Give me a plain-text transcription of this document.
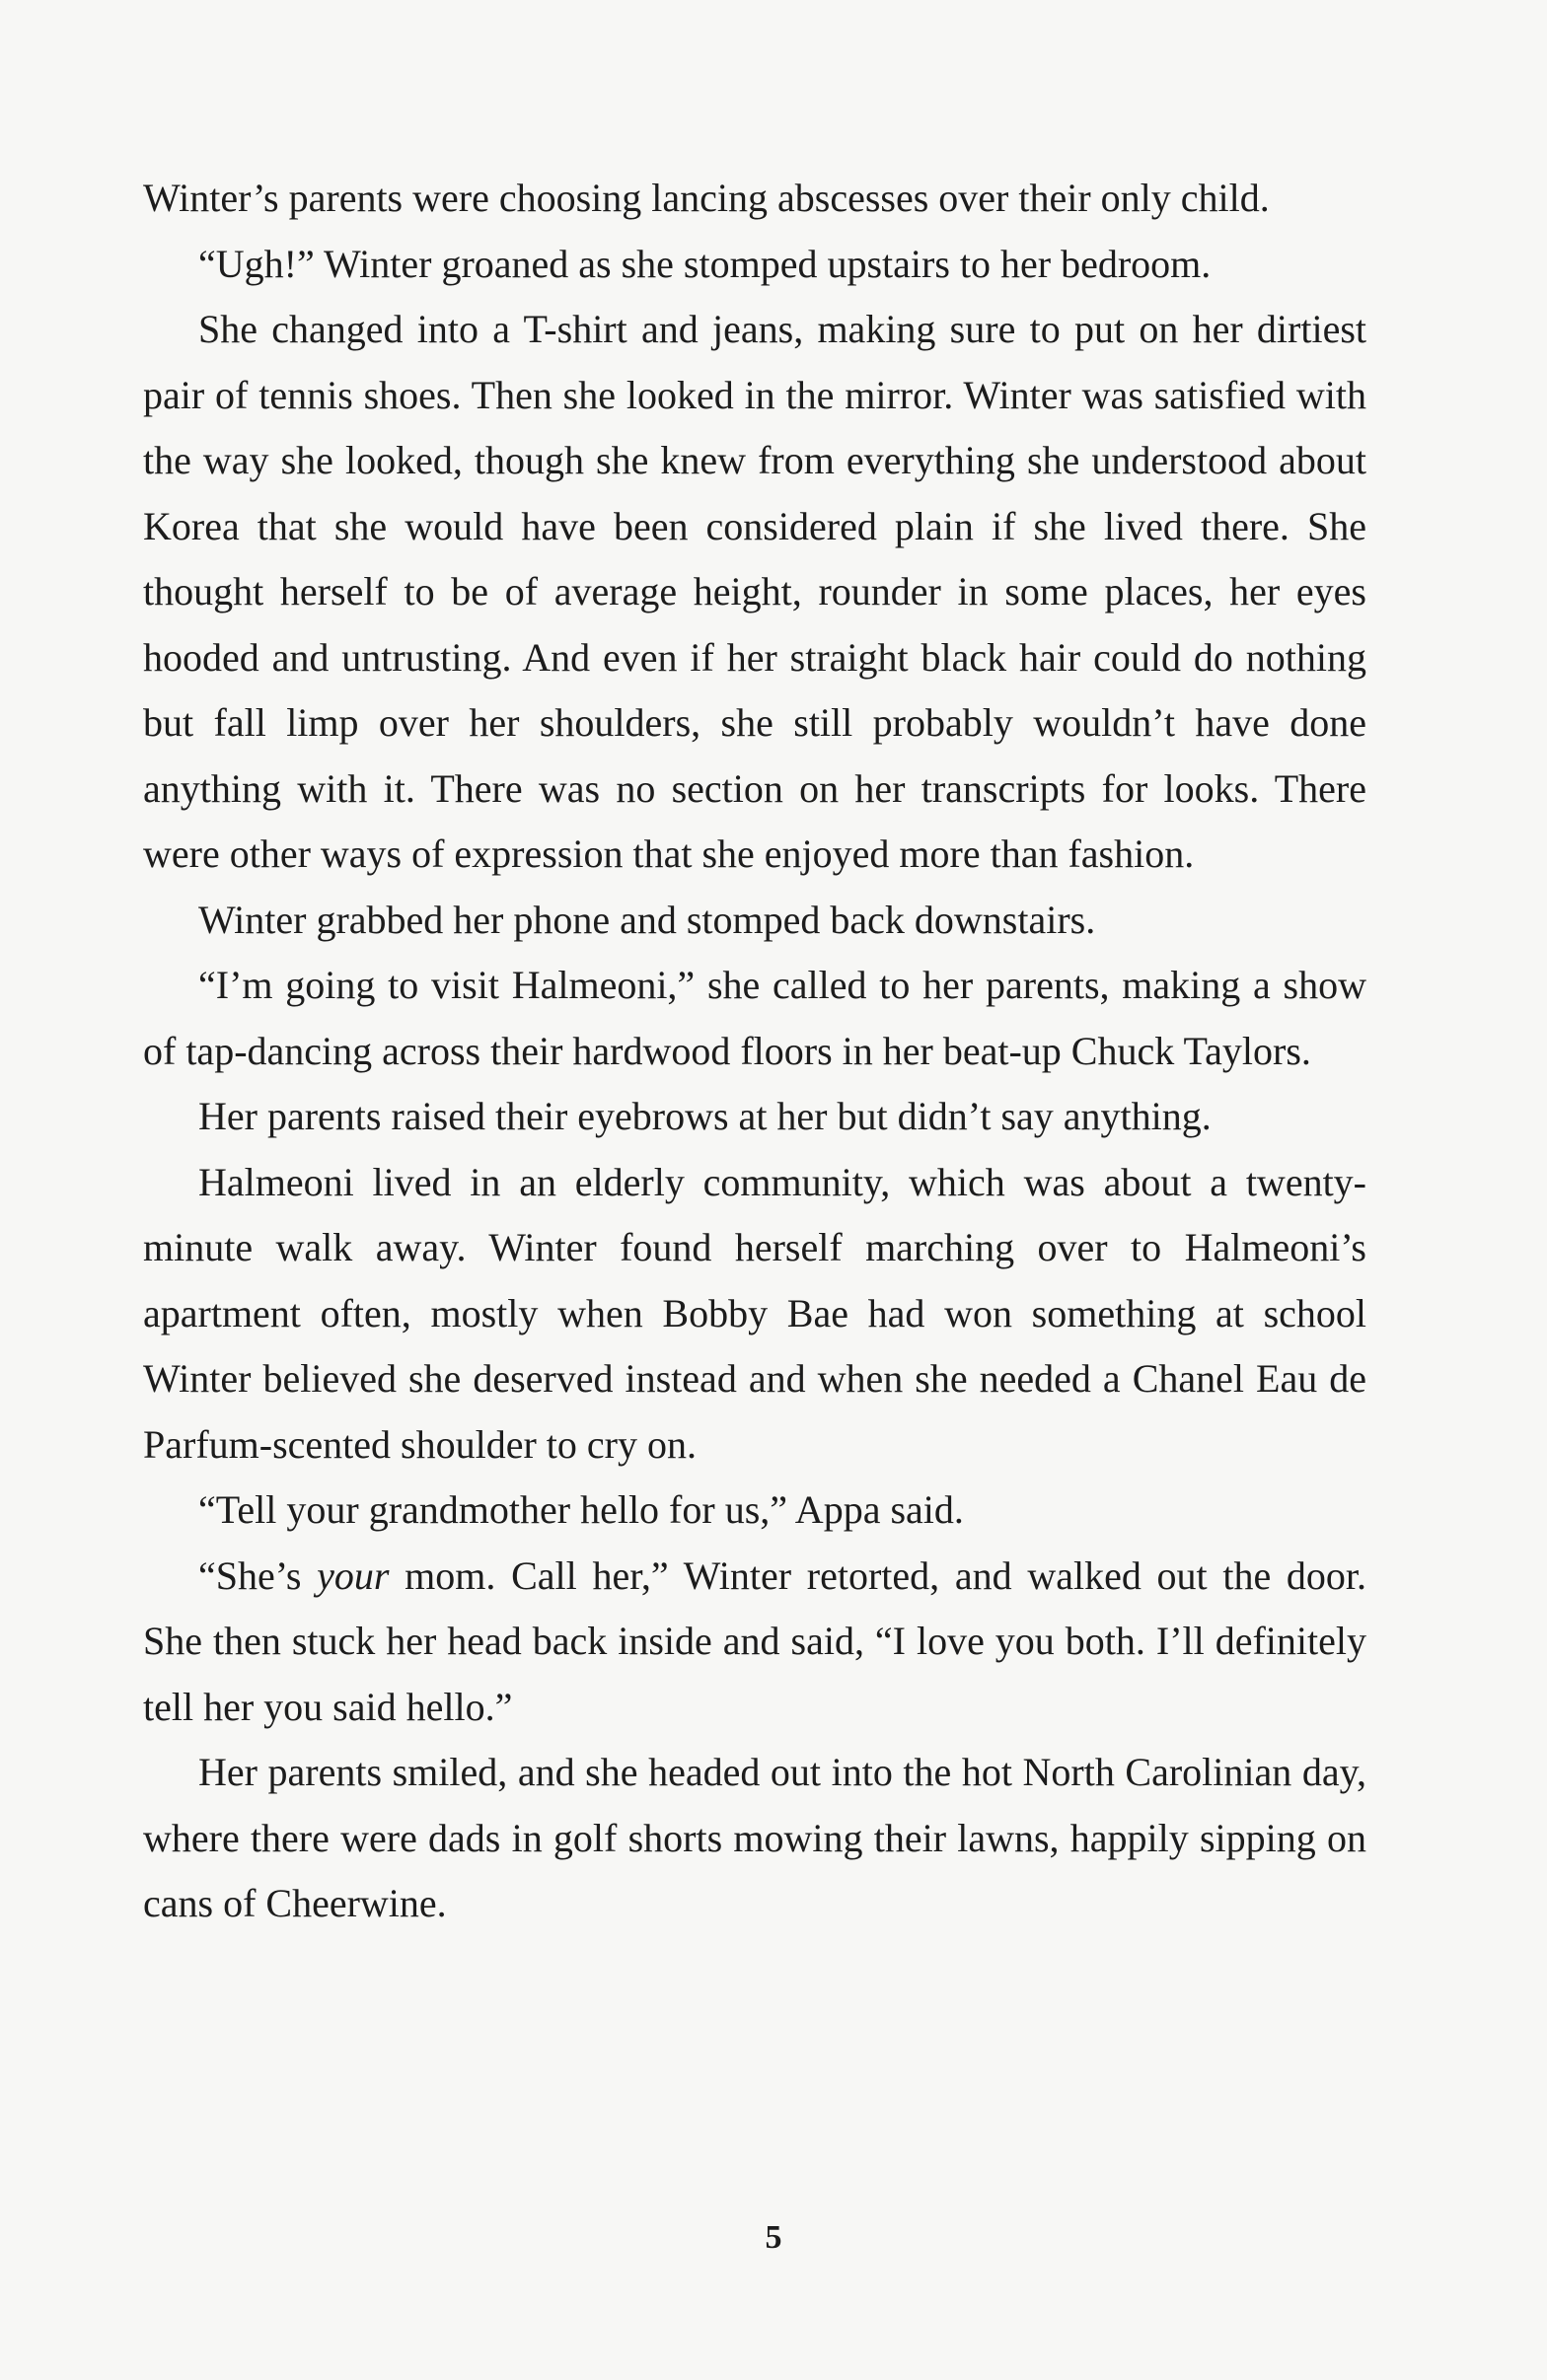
Winter’s parents were choosing lancing abscesses over their only child.

“Ugh!” Winter groaned as she stomped upstairs to her bedroom.

She changed into a T-shirt and jeans, making sure to put on her dirtiest pair of tennis shoes. Then she looked in the mirror. Winter was satisfied with the way she looked, though she knew from everything she understood about Korea that she would have been considered plain if she lived there. She thought herself to be of average height, rounder in some places, her eyes hooded and untrusting. And even if her straight black hair could do nothing but fall limp over her shoulders, she still probably wouldn’t have done anything with it. There was no section on her transcripts for looks. There were other ways of expression that she enjoyed more than fashion.

Winter grabbed her phone and stomped back downstairs.

“I’m going to visit Halmeoni,” she called to her parents, making a show of tap-dancing across their hardwood floors in her beat-up Chuck Taylors.

Her parents raised their eyebrows at her but didn’t say anything.

Halmeoni lived in an elderly community, which was about a twenty-minute walk away. Winter found herself marching over to Halmeoni’s apartment often, mostly when Bobby Bae had won something at school Winter believed she deserved instead and when she needed a Chanel Eau de Parfum-scented shoulder to cry on.

“Tell your grandmother hello for us,” Appa said.

“She’s your mom. Call her,” Winter retorted, and walked out the door. She then stuck her head back inside and said, “I love you both. I’ll definitely tell her you said hello.”

Her parents smiled, and she headed out into the hot North Carolinian day, where there were dads in golf shorts mowing their lawns, happily sipping on cans of Cheerwine.

5
